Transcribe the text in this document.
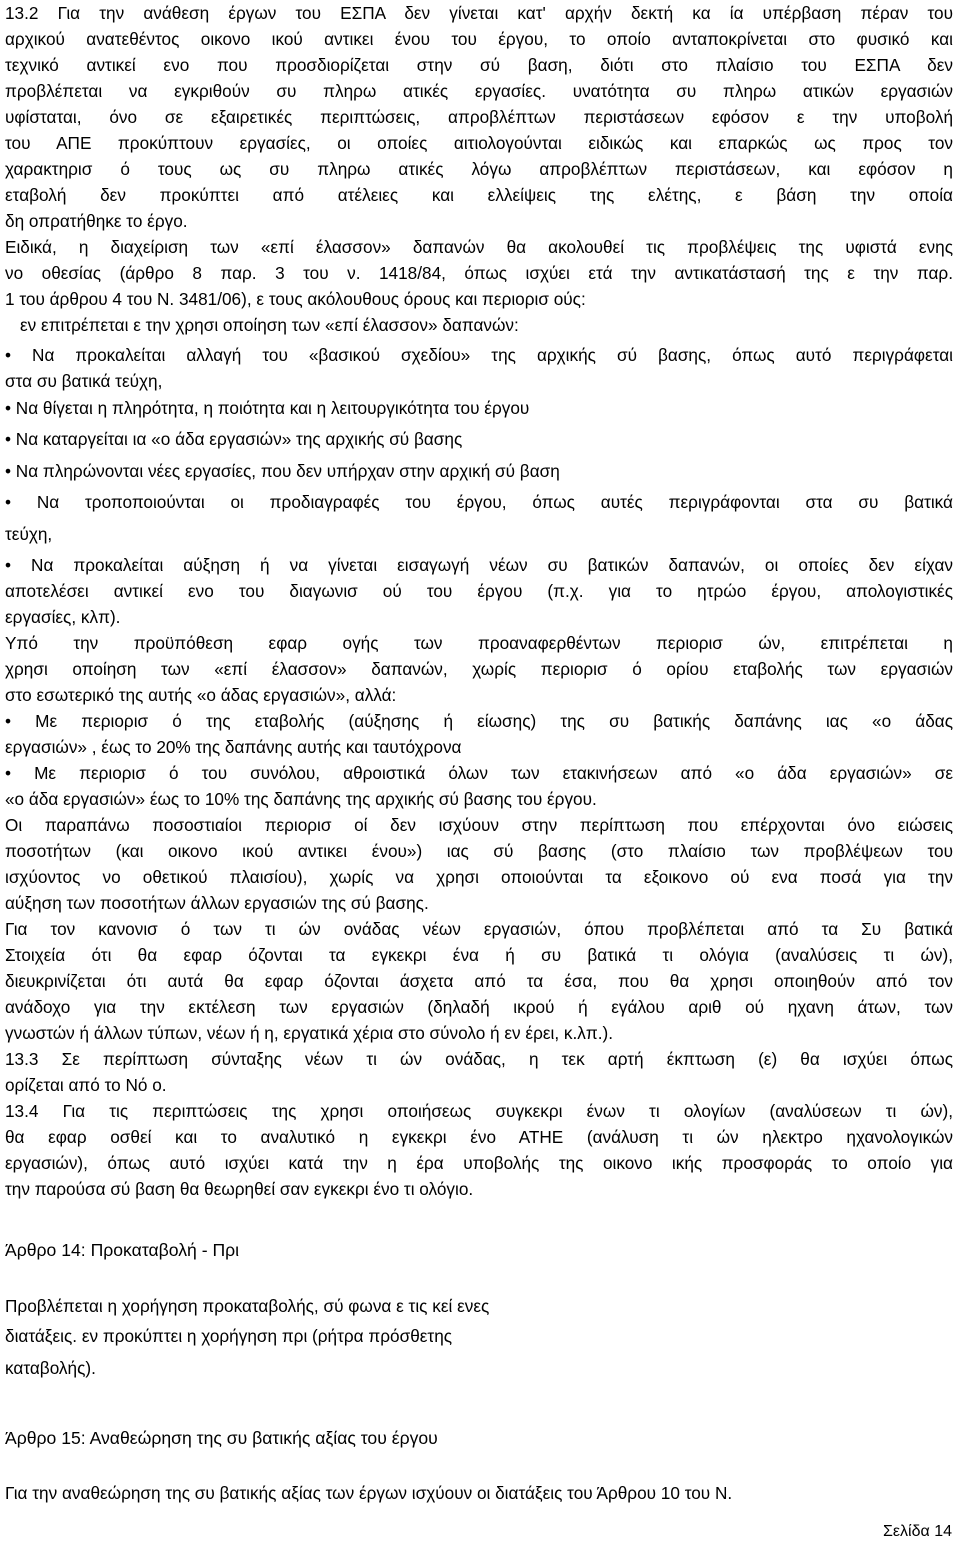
13.2 Για την ανάθεση έργων του ΕΣΠΑ δεν γίνεται κατ' αρχήν δεκτή κα ία υπέρβαση πέραν του
αρχικού ανατεθέντος οικονο ικού αντικει ένου του έργου, το οποίο ανταποκρίνεται στο φυσικό και
τεχνικό αντικεί ενο που προσδιορίζεται στην σύ βαση, διότι στο πλαίσιο του ΕΣΠΑ δεν
προβλέπεται να εγκριθούν συ πληρω ατικές εργασίες. υνατότητα συ πληρω ατικών εργασιών
υφίσταται, όνο σε εξαιρετικές περιπτώσεις, απροβλέπτων περιστάσεων εφόσον ε την υποβολή
του ΑΠΕ προκύπτουν εργασίες, οι οποίες αιτιολογούνται ειδικώς και επαρκώς ως προς τον
χαρακτηρισ ό τους ως συ πληρω ατικές λόγω απροβλέπτων περιστάσεων, και εφόσον η
εταβολή δεν προκύπτει από ατέλειες και ελλείψεις της ελέτης, ε βάση την οποία
δη οπρατήθηκε το έργο.
Ειδικά, η διαχείριση των «επί έλασσον» δαπανών θα ακολουθεί τις προβλέψεις της υφιστά ενης
νο οθεσίας (άρθρο 8 παρ. 3 του ν. 1418/84, όπως ισχύει ετά την αντικατάστασή της ε την παρ.
1 του άρθρου 4 του Ν. 3481/06), ε τους ακόλουθους όρους και περιορισ ούς:
εν επιτρέπεται ε την χρησι οποίηση των «επί έλασσον» δαπανών:
• Να προκαλείται αλλαγή του «βασικού σχεδίου» της αρχικής σύ βασης, όπως αυτό περιγράφεται
στα συ βατικά τεύχη,
• Να θίγεται η πληρότητα, η ποιότητα και η λειτουργικότητα του έργου
• Να καταργείται ια «ο άδα εργασιών» της αρχικής σύ βασης
• Να πληρώνονται νέες εργασίες, που δεν υπήρχαν στην αρχική σύ βαση
• Να τροποποιούνται οι προδιαγραφές του έργου, όπως αυτές περιγράφονται στα συ βατικά
τεύχη,
• Να προκαλείται αύξηση ή να γίνεται εισαγωγή νέων συ βατικών δαπανών, οι οποίες δεν είχαν
αποτελέσει αντικεί ενο του διαγωνισ ού του έργου (π.χ. για το ητρώο έργου, απολογιστικές
εργασίες, κλπ).
Υπό την προϋπόθεση εφαρ ογής των προαναφερθέντων περιορισ ών, επιτρέπεται η
χρησι οποίηση των «επί έλασσον» δαπανών, χωρίς περιορισ ό ορίου εταβολής των εργασιών
στο εσωτερικό της αυτής «ο άδας εργασιών», αλλά:
• Με περιορισ ό της εταβολής (αύξησης ή είωσης) της συ βατικής δαπάνης ιας «ο άδας
εργασιών» , έως το 20% της δαπάνης αυτής και ταυτόχρονα
• Με περιορισ ό του συνόλου, αθροιστικά όλων των ετακινήσεων από «ο άδα εργασιών» σε
«ο άδα εργασιών» έως το 10% της δαπάνης της αρχικής σύ βασης του έργου.
Οι παραπάνω ποσοστιαίοι περιορισ οί δεν ισχύουν στην περίπτωση που επέρχονται όνο ειώσεις
ποσοτήτων (και οικονο ικού αντικει ένου») ιας σύ βασης (στο πλαίσιο των προβλέψεων του
ισχύοντος νο οθετικού πλαισίου), χωρίς να χρησι οποιούνται τα εξοικονο ού ενα ποσά για την
αύξηση των ποσοτήτων άλλων εργασιών της σύ βασης.
Για τον κανονισ ό των τι ών ονάδας νέων εργασιών, όπου προβλέπεται από τα Συ βατικά
Στοιχεία ότι θα εφαρ όζονται τα εγκεκρι ένα ή συ βατικά τι ολόγια (αναλύσεις τι ών),
διευκρινίζεται ότι αυτά θα εφαρ όζονται άσχετα από τα έσα, που θα χρησι οποιηθούν από τον
ανάδοχο για την εκτέλεση των εργασιών (δηλαδή ικρού ή εγάλου αριθ ού ηχανη άτων, των
γνωστών ή άλλων τύπων, νέων ή η, εργατικά χέρια στο σύνολο ή εν έρει, κ.λπ.).
13.3 Σε περίπτωση σύνταξης νέων τι ών ονάδας, η τεκ αρτή έκπτωση (ε) θα ισχύει όπως
ορίζεται από το Νό ο.
13.4 Για τις περιπτώσεις της χρησι οποιήσεως συγκεκρι ένων τι ολογίων (αναλύσεων τι ών),
θα εφαρ οσθεί και το αναλυτικό η εγκεκρι ένο ΑΤΗΕ (ανάλυση τι ών ηλεκτρο ηχανολογικών
εργασιών), όπως αυτό ισχύει κατά την η έρα υποβολής της οικονο ικής προσφοράς το οποίο για
την παρούσα σύ βαση θα θεωρηθεί σαν εγκεκρι ένο τι ολόγιο.
Άρθρο 14: Προκαταβολή - Πρι
Προβλέπεται η χορήγηση προκαταβολής, σύ φωνα ε τις κεί ενες
διατάξεις. εν προκύπτει η χορήγηση πρι (ρήτρα πρόσθετης
καταβολής).
Άρθρο 15: Αναθεώρηση της συ βατικής αξίας του έργου
Για την αναθεώρηση της συ βατικής αξίας των έργων ισχύουν οι διατάξεις του Άρθρου 10 του Ν.
Σελίδα 14
